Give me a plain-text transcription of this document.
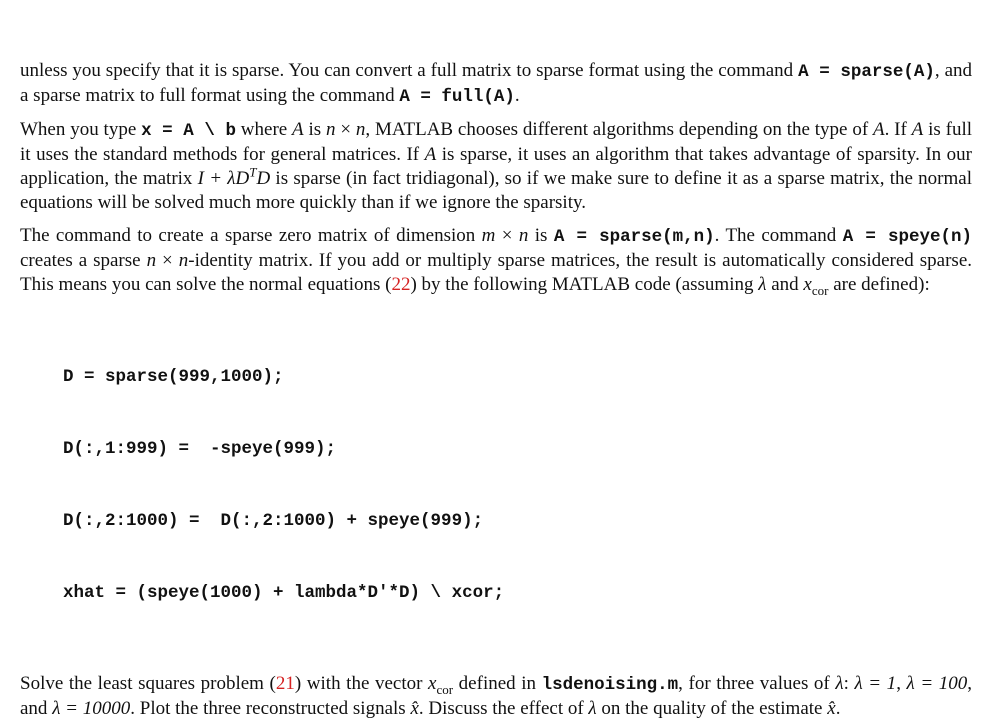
unless you specify that it is sparse. You can convert a full matrix to sparse format using the command A = sparse(A), and a sparse matrix to full format using the command A = full(A).

When you type x = A \ b where A is n × n, MATLAB chooses different algorithms depending on the type of A. If A is full it uses the standard methods for general matrices. If A is sparse, it uses an algorithm that takes advantage of sparsity. In our application, the matrix $I + \lambda D^TD$ is sparse (in fact tridiagonal), so if we make sure to define it as a sparse matrix, the normal equations will be solved much more quickly than if we ignore the sparsity.

The command to create a sparse zero matrix of dimension m × n is A = sparse(m,n). The command A = speye(n) creates a sparse n × n-identity matrix. If you add or multiply sparse matrices, the result is automatically considered sparse. This means you can solve the normal equations (22) by the following MATLAB code (assuming λ and $x_{cor}$ are defined):

D = sparse(999,1000);

D(:,1:999) =  -speye(999);

D(:,2:1000) =  D(:,2:1000) + speye(999);

xhat = (speye(1000) + lambda*D'*D) \ xcor;

Solve the least squares problem (21) with the vector $x_{cor}$ defined in lsdenoising.m, for three values of λ: λ = 1, λ = 100, and λ = 10000. Plot the three reconstructed signals x̂. Discuss the effect of λ on the quality of the estimate x̂.
